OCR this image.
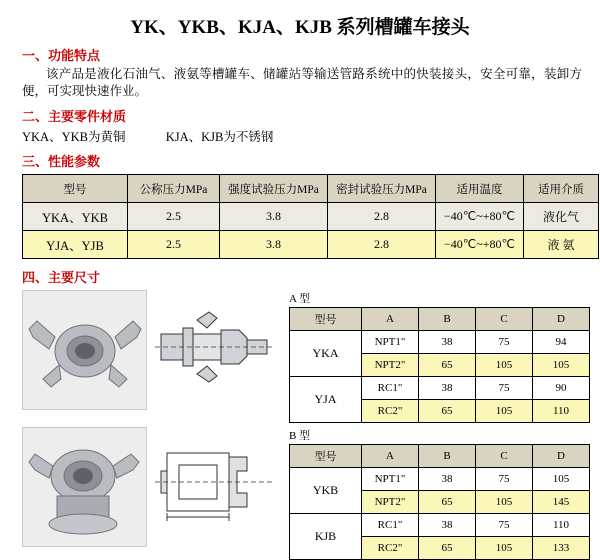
YK、YKB、KJA、KJB 系列槽罐车接头
一、功能特点
该产品是液化石油气、液氨等槽罐车、储罐站等输送管路系统中的快装接头，安全可靠，装卸方便，可实现快速作业。
二、主要零件材质
YKA、YKB为黄铜	KJA、KJB为不锈钢
三、性能参数
型号	公称压力MPa	强度试验压力MPa	密封试验压力MPa	适用温度	适用介质
YKA、YKB	2.5	3.8	2.8	−40℃~+80℃	液化气
YJA、YJB	2.5	3.8	2.8	−40℃~+80℃	液 氨
四、主要尺寸
A 型
型号	A	B	C	D
YKA	NPT1"	38	75	94
	NPT2"	65	105	105
YJA	RC1"	38	75	90
	RC2"	65	105	110
B 型
型号	A	B	C	D
YKB	NPT1"	38	75	105
	NPT2"	65	105	145
KJB	RC1"	38	75	110
	RC2"	65	105	133
